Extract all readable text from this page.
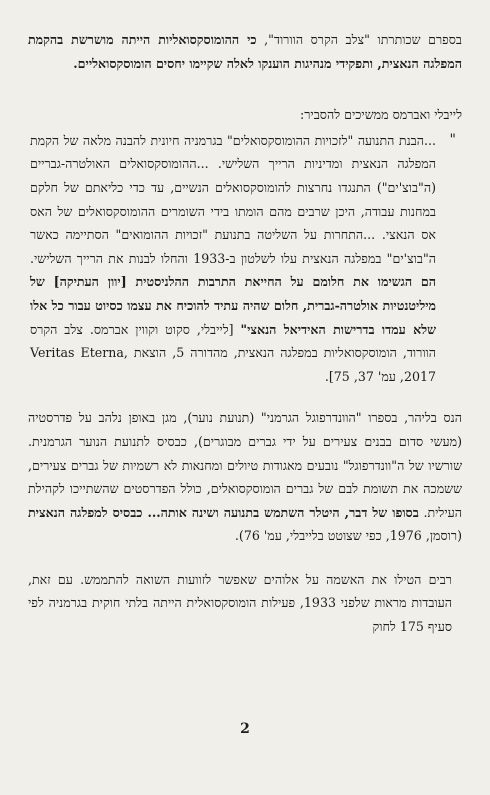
בספרם שכותרתו "צלב הקרס הוורוד", כי ההומוסקסואליות הייתה מושרשת בהקמת המפלגה הנאצית, ותפקידי מנהיגות הוענקו לאלה שקיימו יחסים הומוסקסואליים.

לייבלי ואברמס ממשיכים להסביר:

"

...הבנת התנועה "לזכויות ההומוסקסואלים" בגרמניה חיונית להבנה מלאה של הקמת המפלגה הנאצית ומדיניות הרייך השלישי. ...ההומוסקסואלים האולטרה-גבריים (ה"בוצ'ים") התנגדו נחרצות להומוסקסואלים הנשיים, עד כדי כליאתם של חלקם במחנות עבודה, היכן שרבים מהם הומתו בידי השומרים ההומוסקסואלים של האס אס הנאצי. ...התחרות על השליטה בתנועת "זכויות ההומואים" הסתיימה כאשר ה"בוצ'ים" במפלגה הנאצית עלו לשלטון ב-1933 והחלו לבנות את הרייך השלישי. הם הגשימו את חלומם על החייאת התרבות ההלניסטית [יוון העתיקה] של מיליטנטיות אולטרה-גברית, חלום שהיה עתיד להוכיח את עצמו כסיוט עבור כל אלו שלא עמדו בדרישות האידיאל הנאצי" [לייבלי, סקוט וקווין אברמס. צלב הקרס הוורוד, הומוסקסואליות במפלגה הנאצית, מהדורה 5, הוצאת Veritas Eterna, 2017, עמ' 37, 75].

הנס בליהר, בספרו "הוונדרפוגל הגרמני" (תנועת נוער), מגן באופן נלהב על פדרסטיה (מעשי סדום בבנים צעירים על ידי גברים מבוגרים), כבסיס לתנועת הנוער הגרמנית. שורשיו של ה"וונדרפוגל" נובעים מאגודות טיולים ומחנאות לא רשמיות של גברים צעירים, ששמכה את תשומת לבם של גברים הומוסקסואלים, כולל הפדרסטים שהשתייכו לקהילת העילית. בסופו של דבר, היטלר השתמש בתנועה ושינה אותה... כבסיס למפלגה הנאצית (רוסמן, 1976, כפי שצוטט בלייבלי, עמ' 76).

רבים הטילו את האשמה על אלוהים שאפשר לזוועות השואה להתממש. עם זאת, העובדות מראות שלפני 1933, פעילות הומוסקסואלית הייתה בלתי חוקית בגרמניה לפי סעיף 175 לחוק

2
